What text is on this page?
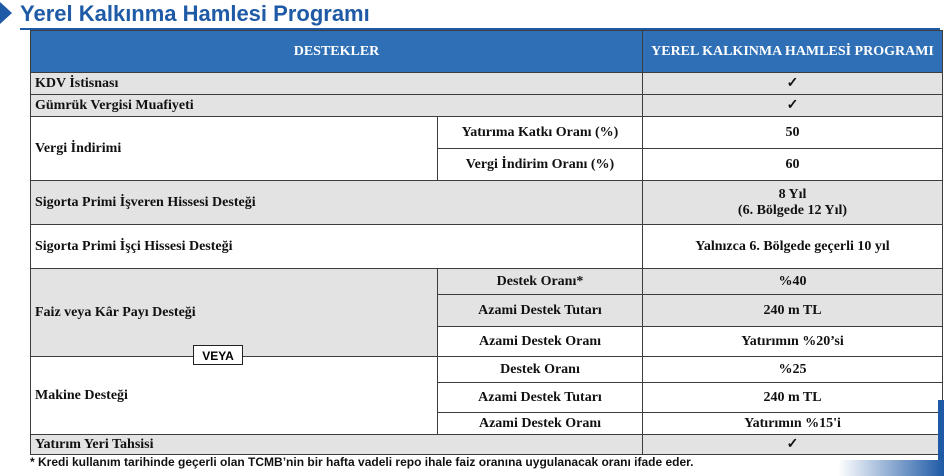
Yerel Kalkınma Hamlesi Programı
DESTEKLER		YEREL KALKINMA HAMLESİ PROGRAMI
KDV İstisnası		✓
Gümrük Vergisi Muafiyeti		✓
Vergi İndirimi	Yatırıma Katkı Oranı (%)	50
	Vergi İndirim Oranı (%)	60
Sigorta Primi İşveren Hissesi Desteği		8 Yıl
(6. Bölgede 12 Yıl)

Sigorta Primi İşçi Hissesi Desteği		Yalnızca 6. Bölgede geçerli 10 yıl
Faiz veya Kâr Payı Desteği	Destek Oranı*	%40
	Azami Destek Tutarı	240 m TL
	Azami Destek Oranı	Yatırımın %20’si
Makine Desteği	Destek Oranı	%25
	Azami Destek Tutarı	240 m TL
	Azami Destek Oranı	Yatırımın %15'i
Yatırım Yeri Tahsisi		✓
VEYA
* Kredi kullanım tarihinde geçerli olan TCMB’nin bir hafta vadeli repo ihale faiz oranına uygulanacak oranı ifade eder.
